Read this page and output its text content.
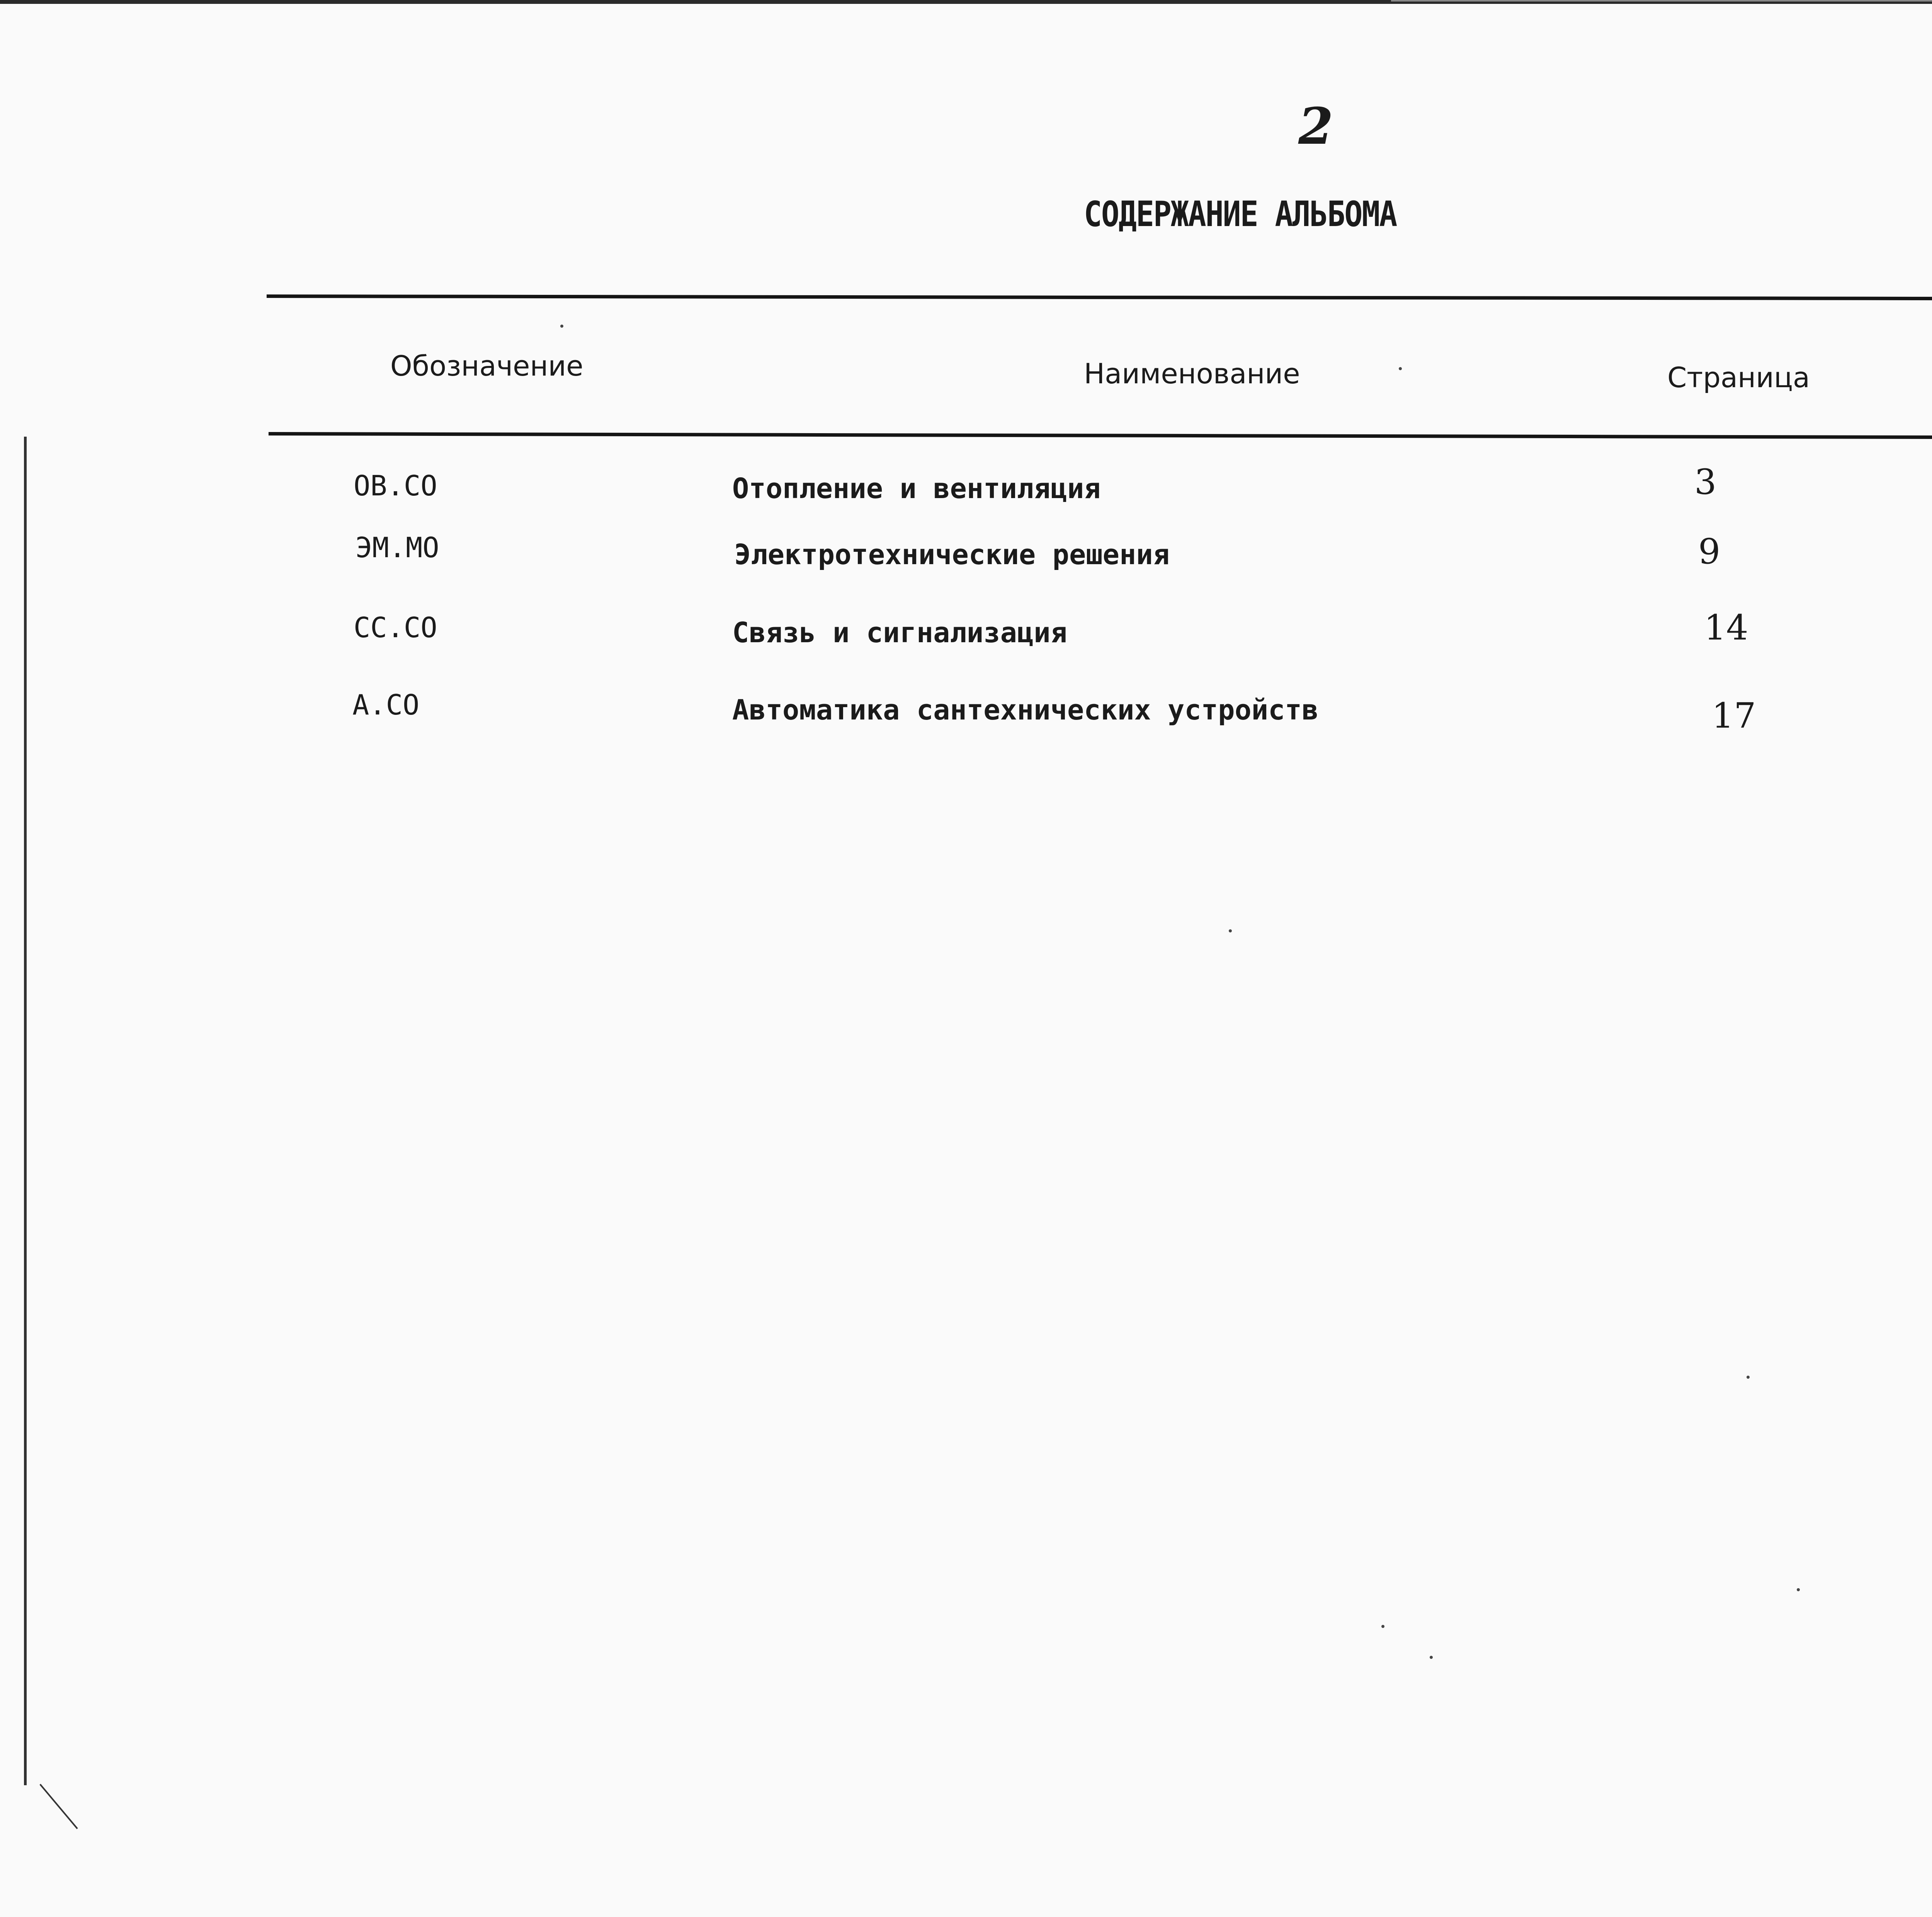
2
СОДЕРЖАНИЕ АЛЬБОМА
Обозначение	Наименование	Страница
ОВ.СО	Отопление и вентиляция	3
ЭМ.МО	Электротехнические решения	9
СС.СО	Связь и сигнализация	14
А.СО	Автоматика сантехнических устройств	17
